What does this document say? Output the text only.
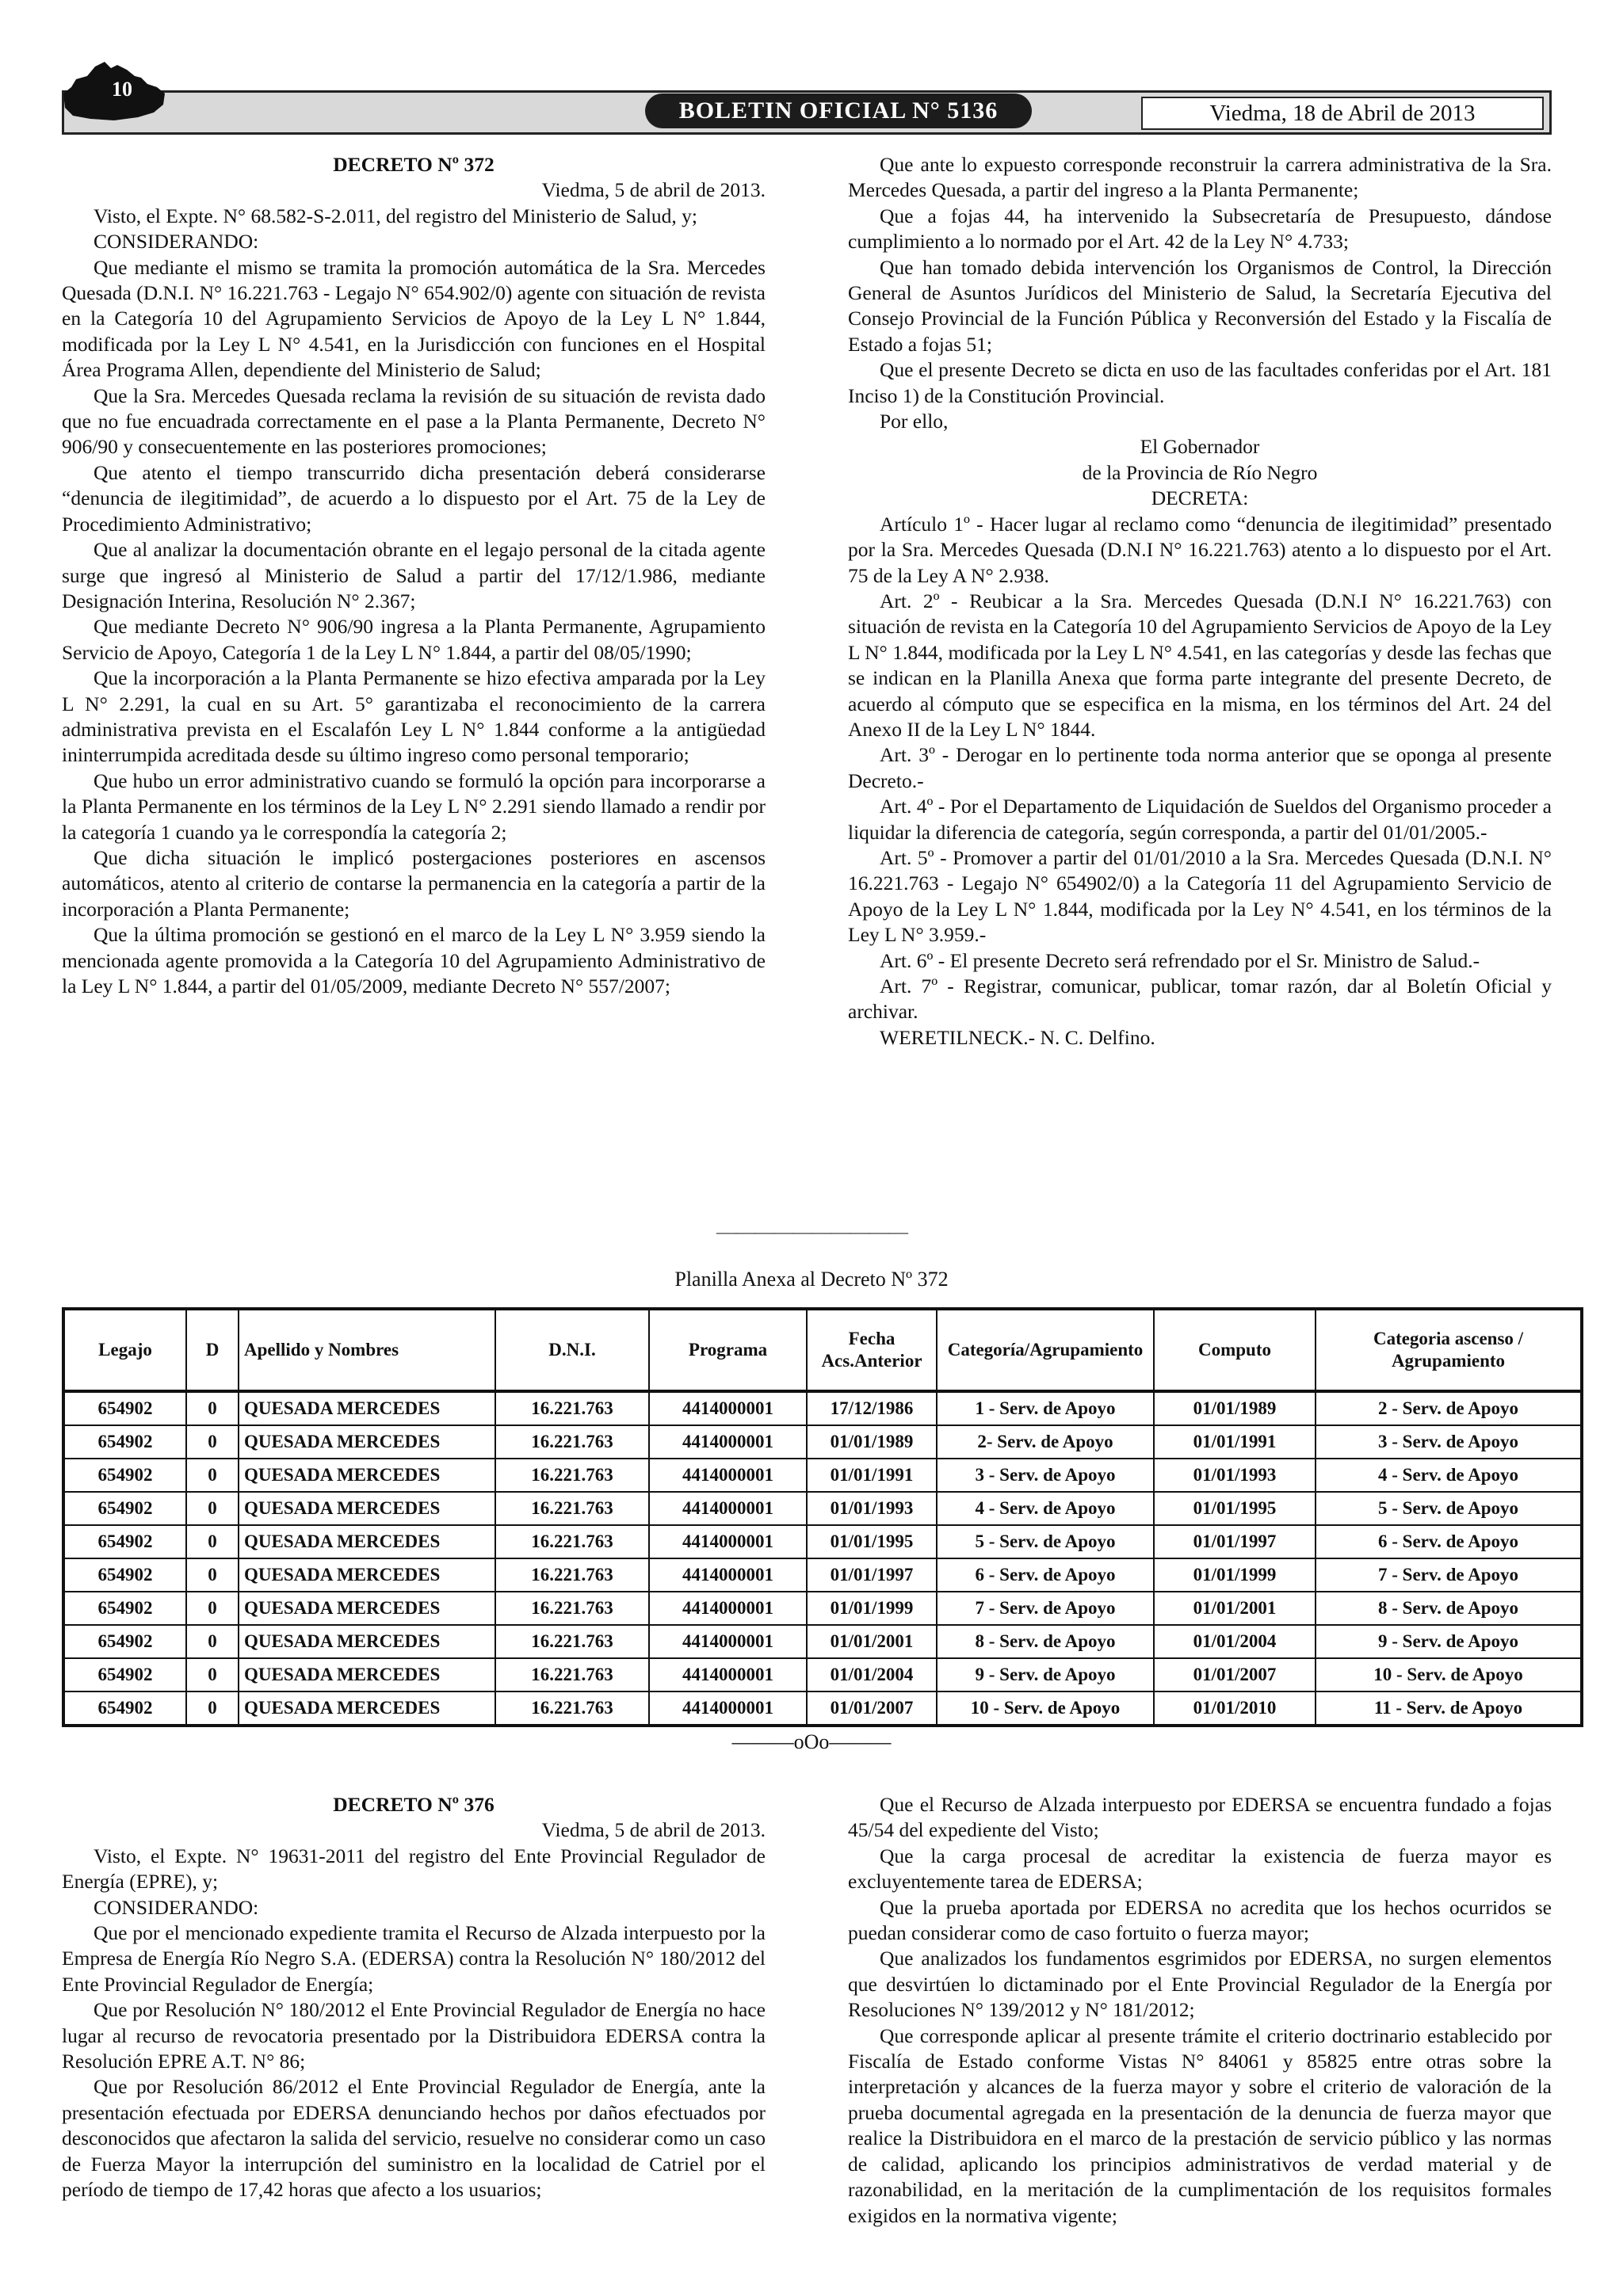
10
BOLETIN OFICIAL N° 5136	Viedma, 18 de Abril de 2013

DECRETO Nº 372

Viedma, 5 de abril de 2013.

Visto, el Expte. N° 68.582-S-2.011, del registro del Ministerio de Salud, y;

CONSIDERANDO:

Que mediante el mismo se tramita la promoción automática de la Sra. Mercedes Quesada (D.N.I. N° 16.221.763 - Legajo N° 654.902/0) agente con situación de revista en la Categoría 10 del Agrupamiento Servicios de Apoyo de la Ley L N° 1.844, modificada por la Ley L N° 4.541, en la Jurisdicción con funciones en el Hospital Área Programa Allen, dependiente del Ministerio de Salud;

Que la Sra. Mercedes Quesada reclama la revisión de su situación de revista dado que no fue encuadrada correctamente en el pase a la Planta Permanente, Decreto N° 906/90 y consecuentemente en las posteriores promociones;

Que atento el tiempo transcurrido dicha presentación deberá considerarse “denuncia de ilegitimidad”, de acuerdo a lo dispuesto por el Art. 75 de la Ley de Procedimiento Administrativo;

Que al analizar la documentación obrante en el legajo personal de la citada agente surge que ingresó al Ministerio de Salud a partir del 17/12/1.986, mediante Designación Interina, Resolución N° 2.367;

Que mediante Decreto N° 906/90 ingresa a la Planta Permanente, Agrupamiento Servicio de Apoyo, Categoría 1 de la Ley L N° 1.844, a partir del 08/05/1990;

Que la incorporación a la Planta Permanente se hizo efectiva amparada por la Ley L N° 2.291, la cual en su Art. 5° garantizaba el reconocimiento de la carrera administrativa prevista en el Escalafón Ley L N° 1.844 conforme a la antigüedad ininterrumpida acreditada desde su último ingreso como personal temporario;

Que hubo un error administrativo cuando se formuló la opción para incorporarse a la Planta Permanente en los términos de la Ley L N° 2.291 siendo llamado a rendir por la categoría 1 cuando ya le correspondía la categoría 2;

Que dicha situación le implicó postergaciones posteriores en ascensos automáticos, atento al criterio de contarse la permanencia en la categoría a partir de la incorporación a Planta Permanente;

Que la última promoción se gestionó en el marco de la Ley L N° 3.959 siendo la mencionada agente promovida a la Categoría 10 del Agrupamiento Administrativo de la Ley L N° 1.844, a partir del 01/05/2009, mediante Decreto N° 557/2007;

Que ante lo expuesto corresponde reconstruir la carrera administrativa de la Sra. Mercedes Quesada, a partir del ingreso a la Planta Permanente;

Que a fojas 44, ha intervenido la Subsecretaría de Presupuesto, dándose cumplimiento a lo normado por el Art. 42 de la Ley N° 4.733;

Que han tomado debida intervención los Organismos de Control, la Dirección General de Asuntos Jurídicos del Ministerio de Salud, la Secretaría Ejecutiva del Consejo Provincial de la Función Pública y Reconversión del Estado y la Fiscalía de Estado a fojas 51;

Que el presente Decreto se dicta en uso de las facultades conferidas por el Art. 181 Inciso 1) de la Constitución Provincial.

Por ello,

El Gobernador

de la Provincia de Río Negro

DECRETA:

Artículo 1º - Hacer lugar al reclamo como “denuncia de ilegitimidad” presentado por la Sra. Mercedes Quesada (D.N.I N° 16.221.763) atento a lo dispuesto por el Art. 75 de la Ley A N° 2.938.

Art. 2º - Reubicar a la Sra. Mercedes Quesada (D.N.I N° 16.221.763) con situación de revista en la Categoría 10 del Agrupamiento Servicios de Apoyo de la Ley L N° 1.844, modificada por la Ley L N° 4.541, en las categorías y desde las fechas que se indican en la Planilla Anexa que forma parte integrante del presente Decreto, de acuerdo al cómputo que se especifica en la misma, en los términos del Art. 24 del Anexo II de la Ley L N° 1844.

Art. 3º - Derogar en lo pertinente toda norma anterior que se oponga al presente Decreto.-

Art. 4º - Por el Departamento de Liquidación de Sueldos del Organismo proceder a liquidar la diferencia de categoría, según corresponda, a partir del 01/01/2005.-

Art. 5º - Promover a partir del 01/01/2010 a la Sra. Mercedes Quesada (D.N.I. N° 16.221.763 - Legajo N° 654902/0) a la Categoría 11 del Agrupamiento Servicio de Apoyo de la Ley L N° 1.844, modificada por la Ley N° 4.541, en los términos de la Ley L N° 3.959.-

Art. 6º - El presente Decreto será refrendado por el Sr. Ministro de Salud.-

Art. 7º - Registrar, comunicar, publicar, tomar razón, dar al Boletín Oficial y archivar.

WERETILNECK.- N. C. Delfino.

——————————
Planilla Anexa al Decreto Nº 372
Legajo	D	Apellido y Nombres	D.N.I.	Programa	Fecha Acs.Anterior	Categoría/Agrupamiento	Computo	Categoria ascenso / Agrupamiento
654902	0	QUESADA MERCEDES	16.221.763	4414000001	17/12/1986	1 - Serv. de Apoyo	01/01/1989	2 - Serv. de Apoyo
654902	0	QUESADA MERCEDES	16.221.763	4414000001	01/01/1989	2- Serv. de Apoyo	01/01/1991	3 - Serv. de Apoyo
654902	0	QUESADA MERCEDES	16.221.763	4414000001	01/01/1991	3 - Serv. de Apoyo	01/01/1993	4 - Serv. de Apoyo
654902	0	QUESADA MERCEDES	16.221.763	4414000001	01/01/1993	4 - Serv. de Apoyo	01/01/1995	5 - Serv. de Apoyo
654902	0	QUESADA MERCEDES	16.221.763	4414000001	01/01/1995	5 - Serv. de Apoyo	01/01/1997	6 - Serv. de Apoyo
654902	0	QUESADA MERCEDES	16.221.763	4414000001	01/01/1997	6 - Serv. de Apoyo	01/01/1999	7 - Serv. de Apoyo
654902	0	QUESADA MERCEDES	16.221.763	4414000001	01/01/1999	7 - Serv. de Apoyo	01/01/2001	8 - Serv. de Apoyo
654902	0	QUESADA MERCEDES	16.221.763	4414000001	01/01/2001	8 - Serv. de Apoyo	01/01/2004	9 - Serv. de Apoyo
654902	0	QUESADA MERCEDES	16.221.763	4414000001	01/01/2004	9 - Serv. de Apoyo	01/01/2007	10 - Serv. de Apoyo
654902	0	QUESADA MERCEDES	16.221.763	4414000001	01/01/2007	10 - Serv. de Apoyo	01/01/2010	11 - Serv. de Apoyo
———oOo———

DECRETO Nº 376

Viedma, 5 de abril de 2013.

Visto, el Expte. N° 19631-2011 del registro del Ente Provincial Regulador de Energía (EPRE), y;

CONSIDERANDO:

Que por el mencionado expediente tramita el Recurso de Alzada interpuesto por la Empresa de Energía Río Negro S.A. (EDERSA) contra la Resolución N° 180/2012 del Ente Provincial Regulador de Energía;

Que por Resolución N° 180/2012 el Ente Provincial Regulador de Energía no hace lugar al recurso de revocatoria presentado por la Distribuidora EDERSA contra la Resolución EPRE A.T. N° 86;

Que por Resolución 86/2012 el Ente Provincial Regulador de Energía, ante la presentación efectuada por EDERSA denunciando hechos por daños efectuados por desconocidos que afectaron la salida del servicio, resuelve no considerar como un caso de Fuerza Mayor la interrupción del suministro en la localidad de Catriel por el período de tiempo de 17,42 horas que afecto a los usuarios;

Que el Recurso de Alzada interpuesto por EDERSA se encuentra fundado a fojas 45/54 del expediente del Visto;

Que la carga procesal de acreditar la existencia de fuerza mayor es excluyentemente tarea de EDERSA;

Que la prueba aportada por EDERSA no acredita que los hechos ocurridos se puedan considerar como de caso fortuito o fuerza mayor;

Que analizados los fundamentos esgrimidos por EDERSA, no surgen elementos que desvirtúen lo dictaminado por el Ente Provincial Regulador de la Energía por Resoluciones N° 139/2012 y N° 181/2012;

Que corresponde aplicar al presente trámite el criterio doctrinario establecido por Fiscalía de Estado conforme Vistas N° 84061 y 85825 entre otras sobre la interpretación y alcances de la fuerza mayor y sobre el criterio de valoración de la prueba documental agregada en la presentación de la denuncia de fuerza mayor que realice la Distribuidora en el marco de la prestación de servicio público y las normas de calidad, aplicando los principios administrativos de verdad material y de razonabilidad, en la meritación de la cumplimentación de los requisitos formales exigidos en la normativa vigente;
